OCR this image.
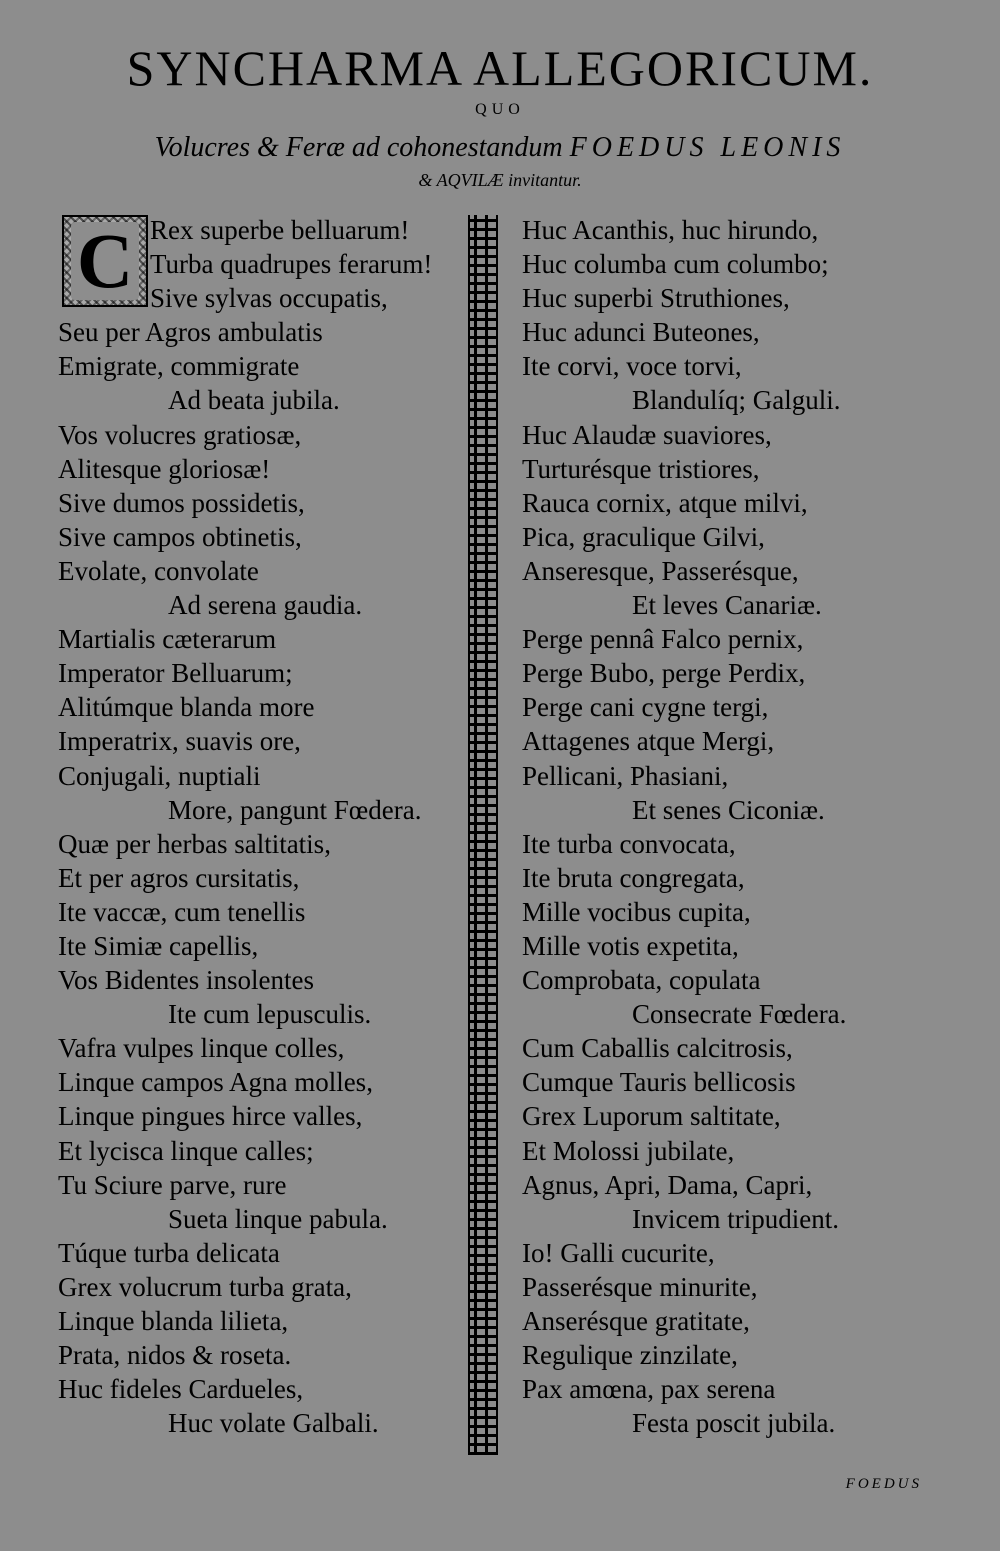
SYNCHARMA ALLEGORICUM.
QUO
Volucres & Feræ ad cohonestandum FOEDUS LEONIS
& AQVILÆ invitantur.
C Rex superbe belluarum!
Turba quadrupes ferarum!
Sive sylvas occupatis,
Seu per Agros ambulatis
Emigrate, commigrate
Ad beata jubila.
Vos volucres gratiosæ,
Alitesque gloriosæ!
Sive dumos possidetis,
Sive campos obtinetis,
Evolate, convolate
Ad serena gaudia.
Martialis cæterarum
Imperator Belluarum;
Alitúmque blanda more
Imperatrix, suavis ore,
Conjugali, nuptiali
More, pangunt Fœdera.
Quæ per herbas saltitatis,
Et per agros cursitatis,
Ite vaccæ, cum tenellis
Ite Simiæ capellis,
Vos Bidentes insolentes
Ite cum lepusculis.
Vafra vulpes linque colles,
Linque campos Agna molles,
Linque pingues hirce valles,
Et lycisca linque calles;
Tu Sciure parve, rure
Sueta linque pabula.
Túque turba delicata
Grex volucrum turba grata,
Linque blanda lilieta,
Prata, nidos & roseta.
Huc fideles Cardueles,
Huc volate Galbali.
Huc Acanthis, huc hirundo,
Huc columba cum columbo;
Huc superbi Struthiones,
Huc adunci Buteones,
Ite corvi, voce torvi,
Blandulíq; Galguli.
Huc Alaudæ suaviores,
Turturésque tristiores,
Rauca cornix, atque milvi,
Pica, graculique Gilvi,
Anseresque, Passerésque,
Et leves Canariæ.
Perge pennâ Falco pernix,
Perge Bubo, perge Perdix,
Perge cani cygne tergi,
Attagenes atque Mergi,
Pellicani, Phasiani,
Et senes Ciconiæ.
Ite turba convocata,
Ite bruta congregata,
Mille vocibus cupita,
Mille votis expetita,
Comprobata, copulata
Consecrate Fœdera.
Cum Caballis calcitrosis,
Cumque Tauris bellicosis
Grex Luporum saltitate,
Et Molossi jubilate,
Agnus, Apri, Dama, Capri,
Invicem tripudient.
Io! Galli cucurite,
Passerésque minurite,
Anserésque gratitate,
Regulique zinzilate,
Pax amœna, pax serena
Festa poscit jubila.
FOEDUS
